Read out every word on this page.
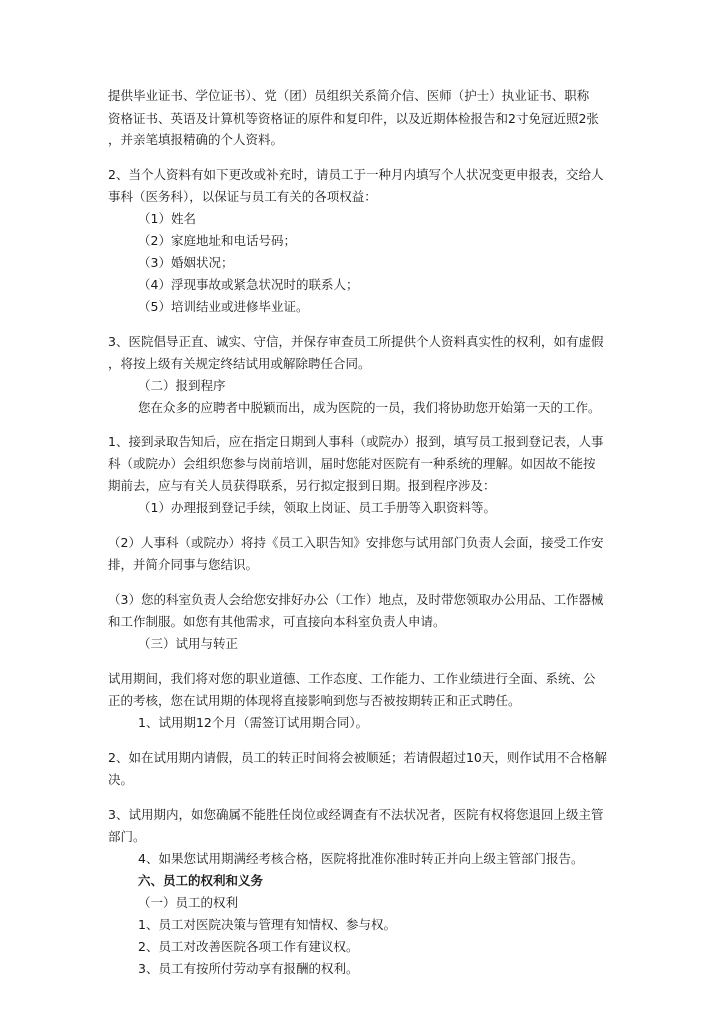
提供毕业证书、学位证书）、党（团）员组织关系简介信、医师（护士）执业证书、职称
资格证书、英语及计算机等资格证的原件和复印件，以及近期体检报告和2寸免冠近照2张
，并亲笔填报精确的个人资料。
2、当个人资料有如下更改或补充时，请员工于一种月内填写个人状况变更申报表，交给人
事科（医务科），以保证与员工有关的各项权益：
（1）姓名
（2）家庭地址和电话号码；
（3）婚姻状况；
（4）浮现事故或紧急状况时的联系人；
（5）培训结业或进修毕业证。
3、医院倡导正直、诚实、守信，并保存审查员工所提供个人资料真实性的权利，如有虚假
，将按上级有关规定终结试用或解除聘任合同。
（二）报到程序
您在众多的应聘者中脱颖而出，成为医院的一员，我们将协助您开始第一天的工作。
1、接到录取告知后，应在指定日期到人事科（或院办）报到，填写员工报到登记表，人事
科（或院办）会组织您参与岗前培训，届时您能对医院有一种系统的理解。如因故不能按
期前去，应与有关人员获得联系，另行拟定报到日期。报到程序涉及：
（1）办理报到登记手续，领取上岗证、员工手册等入职资料等。
（2）人事科（或院办）将持《员工入职告知》安排您与试用部门负责人会面，接受工作安
排，并简介同事与您结识。
（3）您的科室负责人会给您安排好办公（工作）地点，及时带您领取办公用品、工作器械
和工作制服。如您有其他需求，可直接向本科室负责人申请。
（三）试用与转正
试用期间，我们将对您的职业道德、工作态度、工作能力、工作业绩进行全面、系统、公
正的考核，您在试用期的体现将直接影响到您与否被按期转正和正式聘任。
1、试用期12个月（需签订试用期合同）。
2、如在试用期内请假，员工的转正时间将会被顺延；若请假超过10天，则作试用不合格解
决。
3、试用期内，如您确属不能胜任岗位或经调查有不法状况者，医院有权将您退回上级主管
部门。
4、如果您试用期满经考核合格，医院将批准你准时转正并向上级主管部门报告。
六、员工的权利和义务
（一）员工的权利
1、员工对医院决策与管理有知情权、参与权。
2、员工对改善医院各项工作有建议权。
3、员工有按所付劳动享有报酬的权利。
